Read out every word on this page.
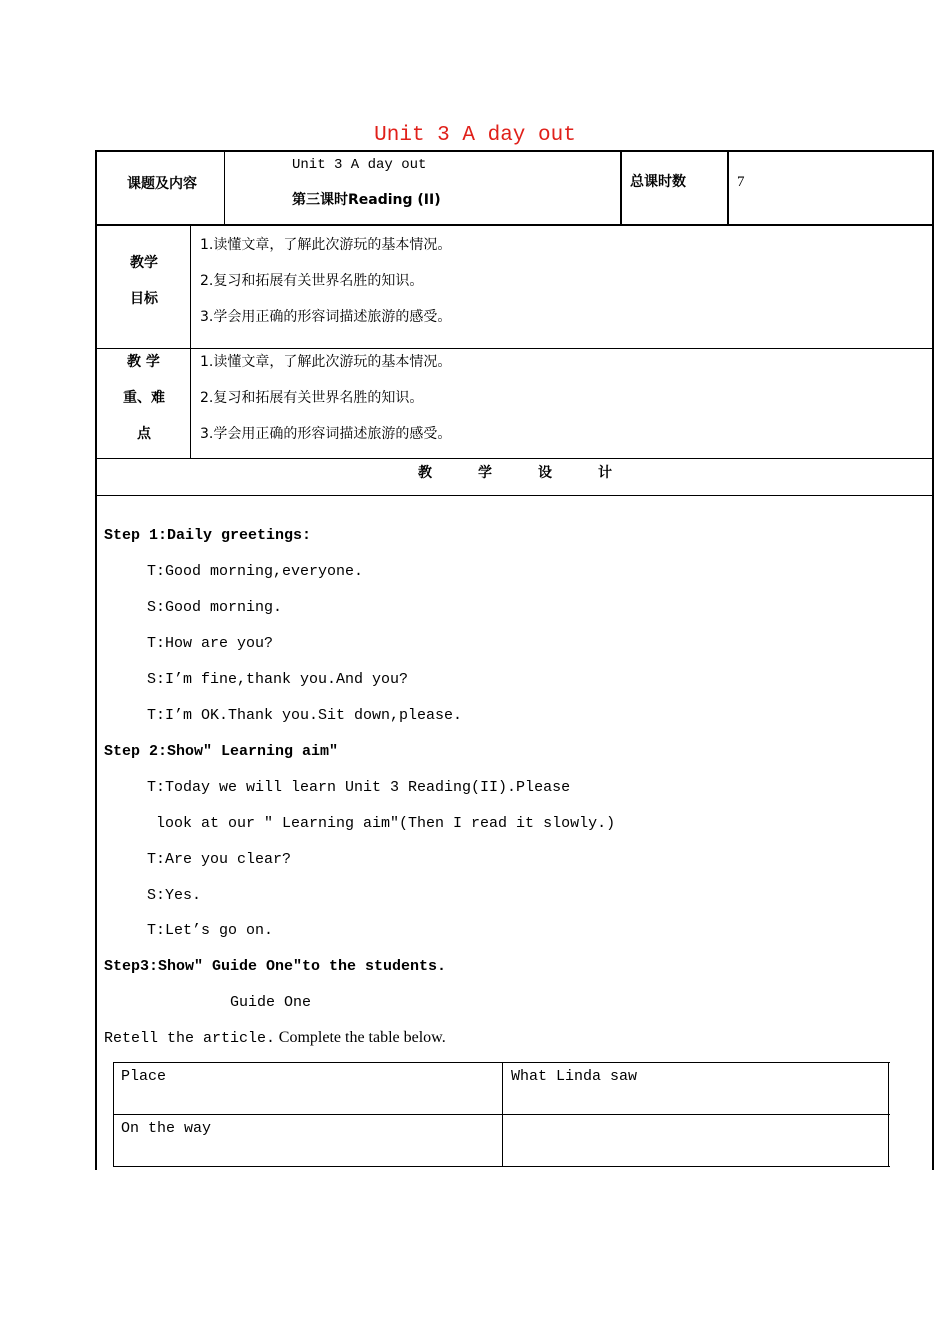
Unit 3 A day out
课题及内容
Unit 3 A day out
第三课时Reading (II)
总课时数	7
教学
目标
1.读懂文章，了解此次游玩的基本情况。
2.复习和拓展有关世界名胜的知识。
3.学会用正确的形容词描述旅游的感受。
教 学
重、难
点
1.读懂文章，了解此次游玩的基本情况。
2.复习和拓展有关世界名胜的知识。
3.学会用正确的形容词描述旅游的感受。
教	学	设	计
Step 1:Daily greetings:
T:Good morning,everyone.
S:Good morning.
T:How are you?
S:I’m fine,thank you.And you?
T:I’m OK.Thank you.Sit down,please.
Step 2:Show" Learning aim"
T:Today we will learn Unit 3 Reading(II).Please
look at our " Learning aim"(Then I read it slowly.)
T:Are you clear?
S:Yes.
T:Let’s go on.
Step3:Show" Guide One"to the students.
Guide One
Retell the article. Complete the table below.
Place	What Linda saw
On the way
